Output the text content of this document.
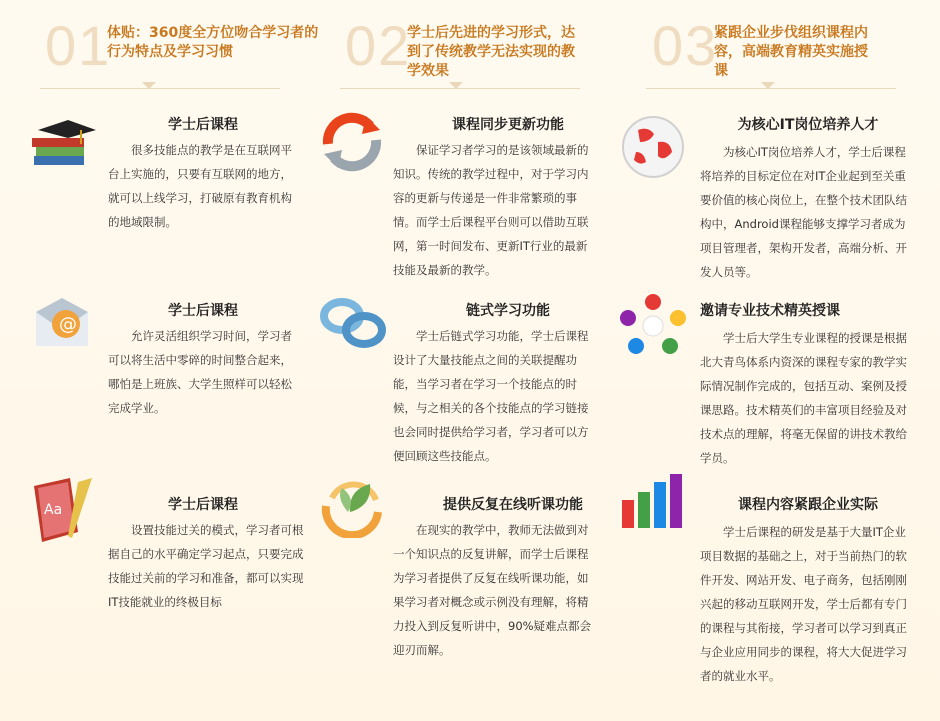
01
体贴：360度全方位吻合学习者的行为特点及学习习惯	02
学士后先进的学习形式，达到了传统教学无法实现的教学效果	03
紧跟企业步伐组织课程内容，高端教育精英实施授课
学士后课程
很多技能点的教学是在互联网平台上实施的，只要有互联网的地方，就可以上线学习，打破原有教育机构的地域限制。
@
学士后课程
允许灵活组织学习时间，学习者可以将生活中零碎的时间整合起来，哪怕是上班族、大学生照样可以轻松完成学业。
Aa	学士后课程
设置技能过关的模式，学习者可根据自己的水平确定学习起点，只要完成技能过关前的学习和准备，都可以实现IT技能就业的终极目标
课程同步更新功能
保证学习者学习的是该领域最新的知识。传统的教学过程中，对于学习内容的更新与传递是一件非常繁琐的事情。而学士后课程平台则可以借助互联网，第一时间发布、更新IT行业的最新技能及最新的教学。
链式学习功能
学士后链式学习功能，学士后课程设计了大量技能点之间的关联提醒功能，当学习者在学习一个技能点的时候，与之相关的各个技能点的学习链接也会同时提供给学习者，学习者可以方便回顾这些技能点。
提供反复在线听课功能
在现实的教学中，教师无法做到对一个知识点的反复讲解，而学士后课程为学习者提供了反复在线听课功能，如果学习者对概念或示例没有理解，将精力投入到反复听讲中，90%疑难点都会迎刃而解。
为核心IT岗位培养人才
为核心IT岗位培养人才，学士后课程将培养的目标定位在对IT企业起到至关重要价值的核心岗位上，在整个技术团队结构中，Android课程能够支撑学习者成为项目管理者，架构开发者，高端分析、开发人员等。
邀请专业技术精英授课
学士后大学生专业课程的授课是根据北大青鸟体系内资深的课程专家的教学实际情况制作完成的，包括互动、案例及授课思路。技术精英们的丰富项目经验及对技术点的理解，将毫无保留的讲技术教给学员。
课程内容紧跟企业实际
学士后课程的研发是基于大量IT企业项目数据的基础之上，对于当前热门的软件开发、网站开发、电子商务，包括刚刚兴起的移动互联网开发，学士后都有专门的课程与其衔接，学习者可以学习到真正与企业应用同步的课程，将大大促进学习者的就业水平。
